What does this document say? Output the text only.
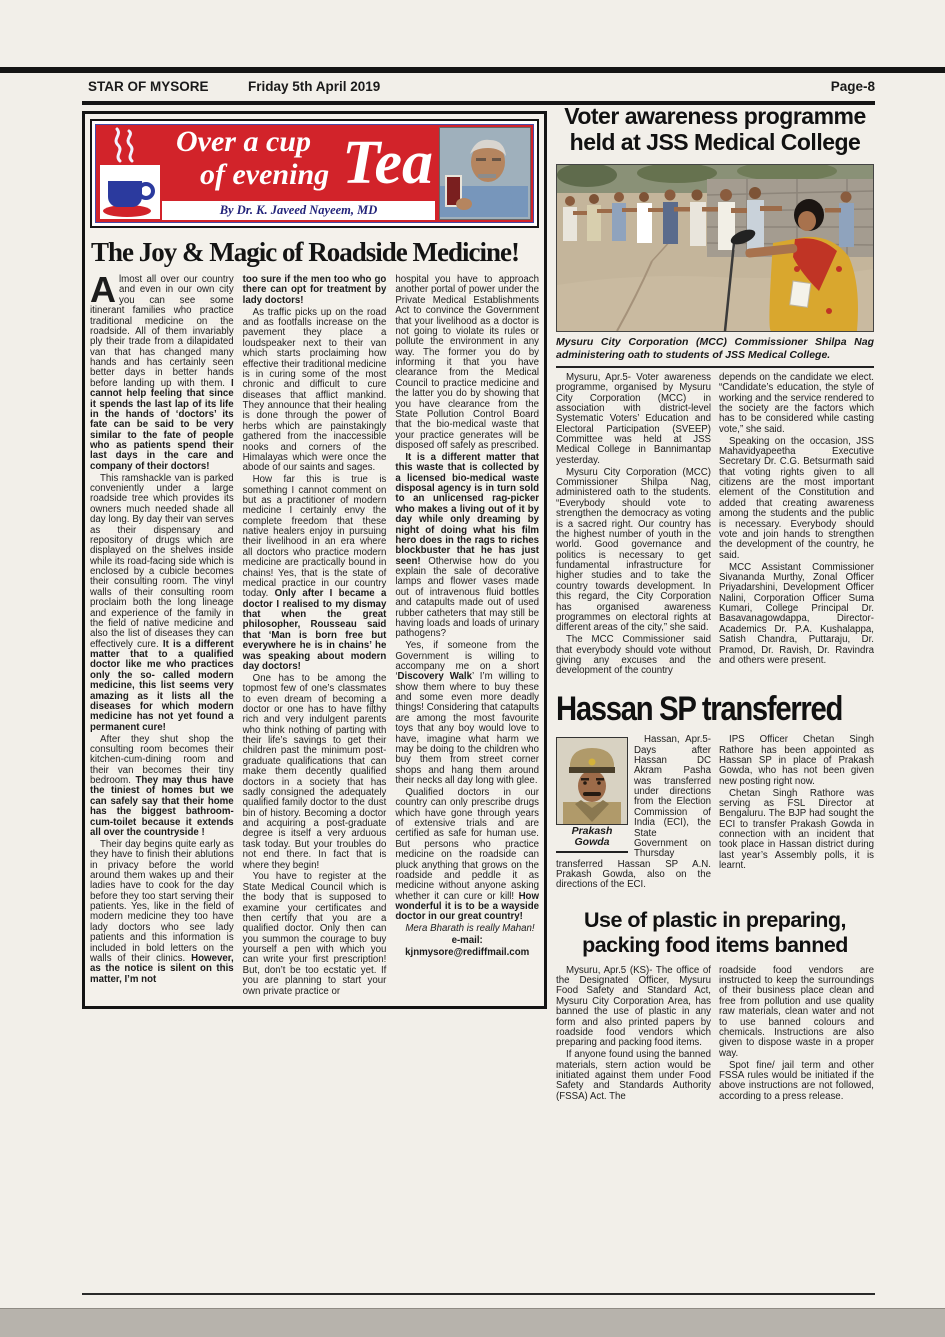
STAR OF MYSORE	Friday 5th April 2019	Page-8
Over a cup
of evening Tea
By Dr. K. Javeed Nayeem, MD
The Joy & Magic of Roadside Medicine!

Almost all over our country and even in our own city you can see some itinerant families who practice traditional medicine on the roadside. All of them invariably ply their trade from a dilapidated van that has changed many hands and has certainly seen better days in better hands before landing up with them. I cannot help feeling that since it spends the last lap of its life in the hands of ‘doctors’ its fate can be said to be very similar to the fate of people who as patients spend their last days in the care and company of their doctors!

This ramshackle van is parked conveniently under a large roadside tree which provides its owners much needed shade all day long. By day their van serves as their dispensary and repository of drugs which are displayed on the shelves inside while its road-facing side which is enclosed by a cubicle becomes their consulting room. The vinyl walls of their consulting room proclaim both the long lineage and experience of the family in the field of native medicine and also the list of diseases they can effectively cure. It is a different matter that to a qualified doctor like me who practices only the so- called modern medicine, this list seems very amazing as it lists all the diseases for which modern medicine has not yet found a permanent cure!

After they shut shop the consulting room becomes their kitchen-cum-dining room and their van becomes their tiny bedroom. They may thus have the tiniest of homes but we can safely say that their home has the biggest bathroom-cum-toilet because it extends all over the countryside !

Their day begins quite early as they have to finish their ablutions in privacy before the world around them wakes up and their ladies have to cook for the day before they too start serving their patients. Yes, like in the field of modern medicine they too have lady doctors who see lady patients and this information is included in bold letters on the walls of their clinics. However, as the notice is silent on this matter, I’m not

too sure if the men too who go there can opt for treatment by lady doctors!

As traffic picks up on the road and as footfalls increase on the pavement they place a loudspeaker next to their van which starts proclaiming how effective their traditional medicine is in curing some of the most chronic and difficult to cure diseases that afflict mankind. They announce that their healing is done through the power of herbs which are painstakingly gathered from the inaccessible nooks and corners of the Himalayas which were once the abode of our saints and sages.

How far this is true is something I cannot comment on but as a practitioner of modern medicine I certainly envy the complete freedom that these native healers enjoy in pursuing their livelihood in an era where all doctors who practice modern medicine are practically bound in chains! Yes, that is the state of medical practice in our country today. Only after I became a doctor I realised to my dismay that when the great philosopher, Rousseau said that ‘Man is born free but everywhere he is in chains’ he was speaking about modern day doctors!

One has to be among the topmost few of one’s classmates to even dream of becoming a doctor or one has to have filthy rich and very indulgent parents who think nothing of parting with their life’s savings to get their children past the minimum post-graduate qualifications that can make them decently qualified doctors in a society that has sadly consigned the adequately qualified family doctor to the dust bin of history. Becoming a doctor and acquiring a post-graduate degree is itself a very arduous task today. But your troubles do not end there. In fact that is where they begin!

You have to register at the State Medical Council which is the body that is supposed to examine your certificates and then certify that you are a qualified doctor. Only then can you summon the courage to buy yourself a pen with which you can write your first prescription! But, don’t be too ecstatic yet. If you are planning to start your own private practice or

hospital you have to approach another portal of power under the Private Medical Establishments Act to convince the Government that your livelihood as a doctor is not going to violate its rules or pollute the environment in any way. The former you do by informing it that you have clearance from the Medical Council to practice medicine and the latter you do by showing that you have clearance from the State Pollution Control Board that the bio-medical waste that your practice generates will be disposed off safely as prescribed.

It is a different matter that this waste that is collected by a licensed bio-medical waste disposal agency is in turn sold to an unlicensed rag-picker who makes a living out of it by day while only dreaming by night of doing what his film hero does in the rags to riches blockbuster that he has just seen! Otherwise how do you explain the sale of decorative lamps and flower vases made out of intravenous fluid bottles and catapults made out of used rubber catheters that may still be having loads and loads of urinary pathogens?

Yes, if someone from the Government is willing to accompany me on a short ‘Discovery Walk’ I’m willing to show them where to buy these and some even more deadly things! Considering that catapults are among the most favourite toys that any boy would love to have, imagine what harm we may be doing to the children who buy them from street corner shops and hang them around their necks all day long with glee.

Qualified doctors in our country can only prescribe drugs which have gone through years of extensive trials and are certified as safe for human use. But persons who practice medicine on the roadside can pluck anything that grows on the roadside and peddle it as medicine without anyone asking whether it can cure or kill! How wonderful it is to be a wayside doctor in our great country!

Mera Bharath is really Mahan!

e-mail:

kjnmysore@rediffmail.com

Voter awareness programme
held at JSS Medical College
Mysuru City Corporation (MCC) Commissioner Shilpa Nag administering oath to students of JSS Medical College.

Mysuru, Apr.5- Voter awareness programme, organised by Mysuru City Corporation (MCC) in association with district-level Systematic Voters’ Education and Electoral Participation (SVEEP) Committee was held at JSS Medical College in Bannimantap yesterday.

Mysuru City Corporation (MCC) Commissioner Shilpa Nag, administered oath to the students. “Everybody should vote to strengthen the democracy as voting is a sacred right. Our country has the highest number of youth in the world. Good governance and politics is necessary to get fundamental infrastructure for higher studies and to take the country towards development. In this regard, the City Corporation has organised awareness programmes on electoral rights at different areas of the city,” she said.

The MCC Commissioner said that everybody should vote without giving any excuses and the development of the country

depends on the candidate we elect. “Candidate’s education, the style of working and the service rendered to the society are the factors which has to be considered while casting vote,” she said.

Speaking on the occasion, JSS Mahavidyapeetha Executive Secretary Dr. C.G. Betsurmath said that voting rights given to all citizens are the most important element of the Constitution and added that creating awareness among the students and the public is necessary. Everybody should vote and join hands to strengthen the development of the country, he said.

MCC Assistant Commissioner Sivananda Murthy, Zonal Officer Priyadarshini, Development Officer Nalini, Corporation Officer Suma Kumari, College Principal Dr. Basavanagowdappa, Director-Academics Dr. P.A. Kushalappa, Satish Chandra, Puttaraju, Dr. Pramod, Dr. Ravish, Dr. Ravindra and others were present.

Hassan SP transferred
Prakash Gowda

Hassan, Apr.5- Days after Hassan DC Akram Pasha was transferred under directions from the Election Commission of India (ECI), the State Government on Thursday transferred Hassan SP A.N. Prakash Gowda, also on the directions of the ECI.

IPS Officer Chetan Singh Rathore has been appointed as Hassan SP in place of Prakash Gowda, who has not been given new posting right now.

Chetan Singh Rathore was serving as FSL Director at Bengaluru. The BJP had sought the ECI to transfer Prakash Gowda in connection with an incident that took place in Hassan district during last year’s Assembly polls, it is learnt.

Use of plastic in preparing,
packing food items banned

Mysuru, Apr.5 (KS)- The office of the Designated Officer, Mysuru Food Safety and Standard Act, Mysuru City Corporation Area, has banned the use of plastic in any form and also printed papers by roadside food vendors which preparing and packing food items.

If anyone found using the banned materials, stern action would be initiated against them under Food Safety and Standards Authority (FSSA) Act. The

roadside food vendors are instructed to keep the surroundings of their business place clean and free from pollution and use quality raw materials, clean water and not to use banned colours and chemicals. Instructions are also given to dispose waste in a proper way.

Spot fine/ jail term and other FSSA rules would be initiated if the above instructions are not followed, according to a press release.
